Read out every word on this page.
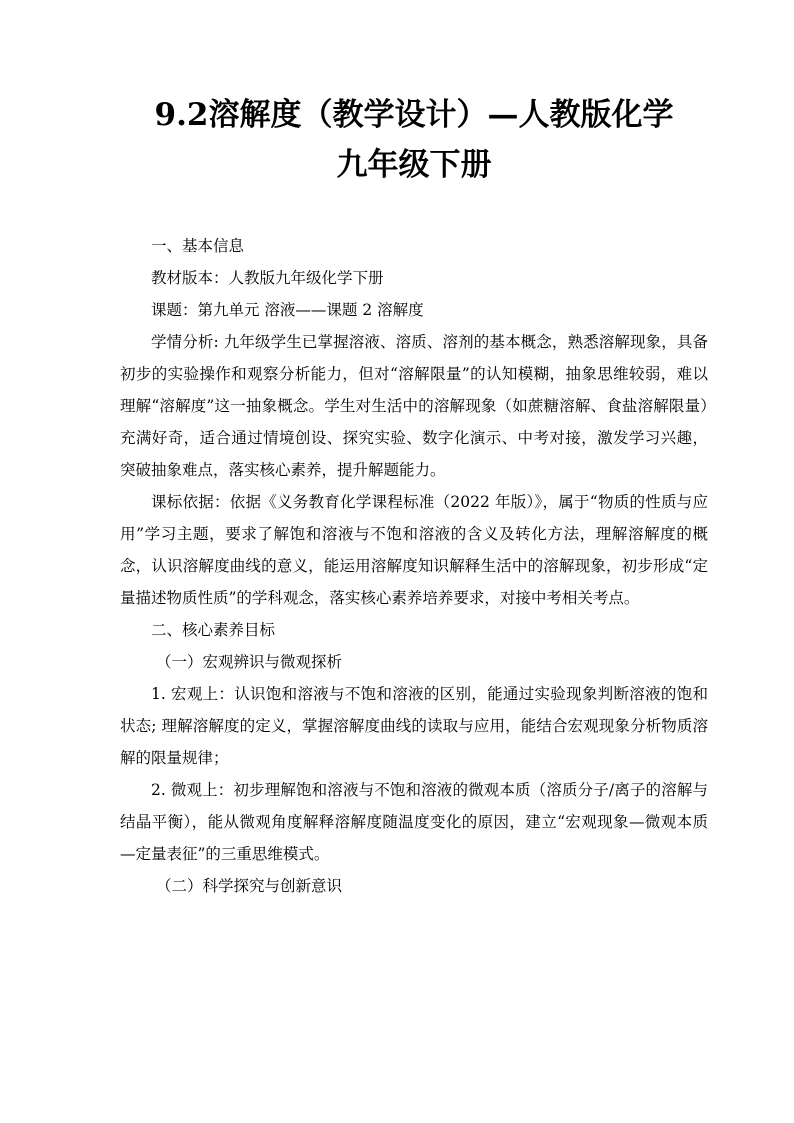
9.2溶解度（教学设计）—人教版化学
九年级下册

一、基本信息

教材版本：人教版九年级化学下册

课题：第九单元 溶液——课题 2 溶解度

学情分析: 九年级学生已掌握溶液、溶质、溶剂的基本概念，熟悉溶解现象，具备初步的实验操作和观察分析能力，但对“溶解限量”的认知模糊，抽象思维较弱，难以理解“溶解度”这一抽象概念。学生对生活中的溶解现象（如蔗糖溶解、食盐溶解限量）充满好奇，适合通过情境创设、探究实验、数字化演示、中考对接，激发学习兴趣，突破抽象难点，落实核心素养，提升解题能力。

课标依据：依据《义务教育化学课程标准（2022 年版）》，属于“物质的性质与应用”学习主题，要求了解饱和溶液与不饱和溶液的含义及转化方法，理解溶解度的概念，认识溶解度曲线的意义，能运用溶解度知识解释生活中的溶解现象，初步形成“定量描述物质性质”的学科观念，落实核心素养培养要求，对接中考相关考点。

二、核心素养目标

（一）宏观辨识与微观探析

1. 宏观上：认识饱和溶液与不饱和溶液的区别，能通过实验现象判断溶液的饱和状态; 理解溶解度的定义，掌握溶解度曲线的读取与应用，能结合宏观现象分析物质溶解的限量规律；

2. 微观上：初步理解饱和溶液与不饱和溶液的微观本质（溶质分子/离子的溶解与结晶平衡），能从微观角度解释溶解度随温度变化的原因，建立“宏观现象—微观本质—定量表征”的三重思维模式。

（二）科学探究与创新意识
